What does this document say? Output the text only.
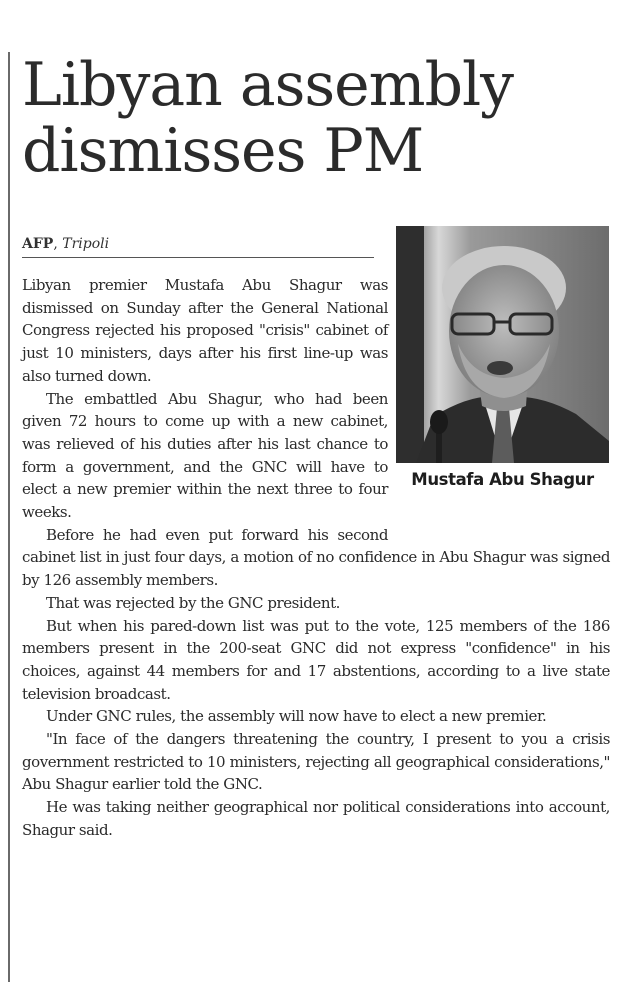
Libyan assembly dismisses PM
AFP, Tripoli
Mustafa Abu Shagur

Libyan premier Mustafa Abu Shagur was dismissed on Sunday after the General National Congress rejected his proposed "crisis" cabinet of just 10 ministers, days after his first line-up was also turned down.

The embattled Abu Shagur, who had been given 72 hours to come up with a new cabinet, was relieved of his duties after his last chance to form a government, and the GNC will have to elect a new premier within the next three to four weeks.

Before he had even put forward his second cabinet list in just four days, a motion of no confidence in Abu Shagur was signed by 126 assembly members.

That was rejected by the GNC president.

But when his pared-down list was put to the vote, 125 members of the 186 members present in the 200-seat GNC did not express "confidence" in his choices, against 44 members for and 17 abstentions, according to a live state television broadcast.

Under GNC rules, the assembly will now have to elect a new premier.

"In face of the dangers threatening the country, I present to you a crisis government restricted to 10 ministers, rejecting all geographical considerations," Abu Shagur earlier told the GNC.

He was taking neither geographical nor political considerations into account, Shagur said.
